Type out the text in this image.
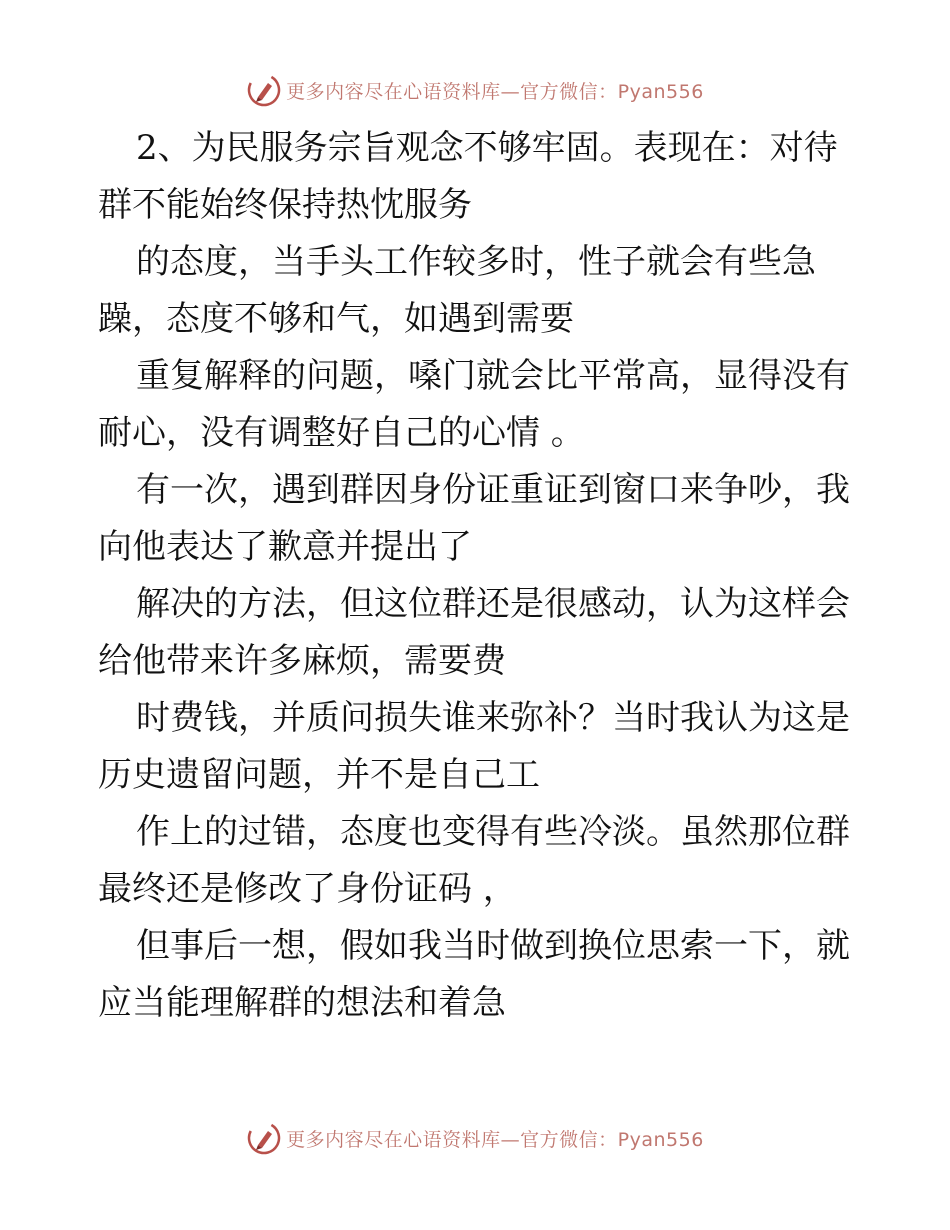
更多内容尽在心语资料库—官方微信：Pyan556

2、为民服务宗旨观念不够牢固。表现在：对待
群不能始终保持热忱服务

的态度，当手头工作较多时，性子就会有些急
躁，态度不够和气，如遇到需要

重复解释的问题，嗓门就会比平常高，显得没有
耐心，没有调整好自己的心情 。

有一次，遇到群因身份证重证到窗口来争吵，我
向他表达了歉意并提出了

解决的方法，但这位群还是很感动，认为这样会
给他带来许多麻烦，需要费

时费钱，并质问损失谁来弥补？当时我认为这是
历史遗留问题，并不是自己工

作上的过错，态度也变得有些冷淡。虽然那位群
最终还是修改了身份证码 ，

但事后一想，假如我当时做到换位思索一下，就
应当能理解群的想法和着急

更多内容尽在心语资料库—官方微信：Pyan556
